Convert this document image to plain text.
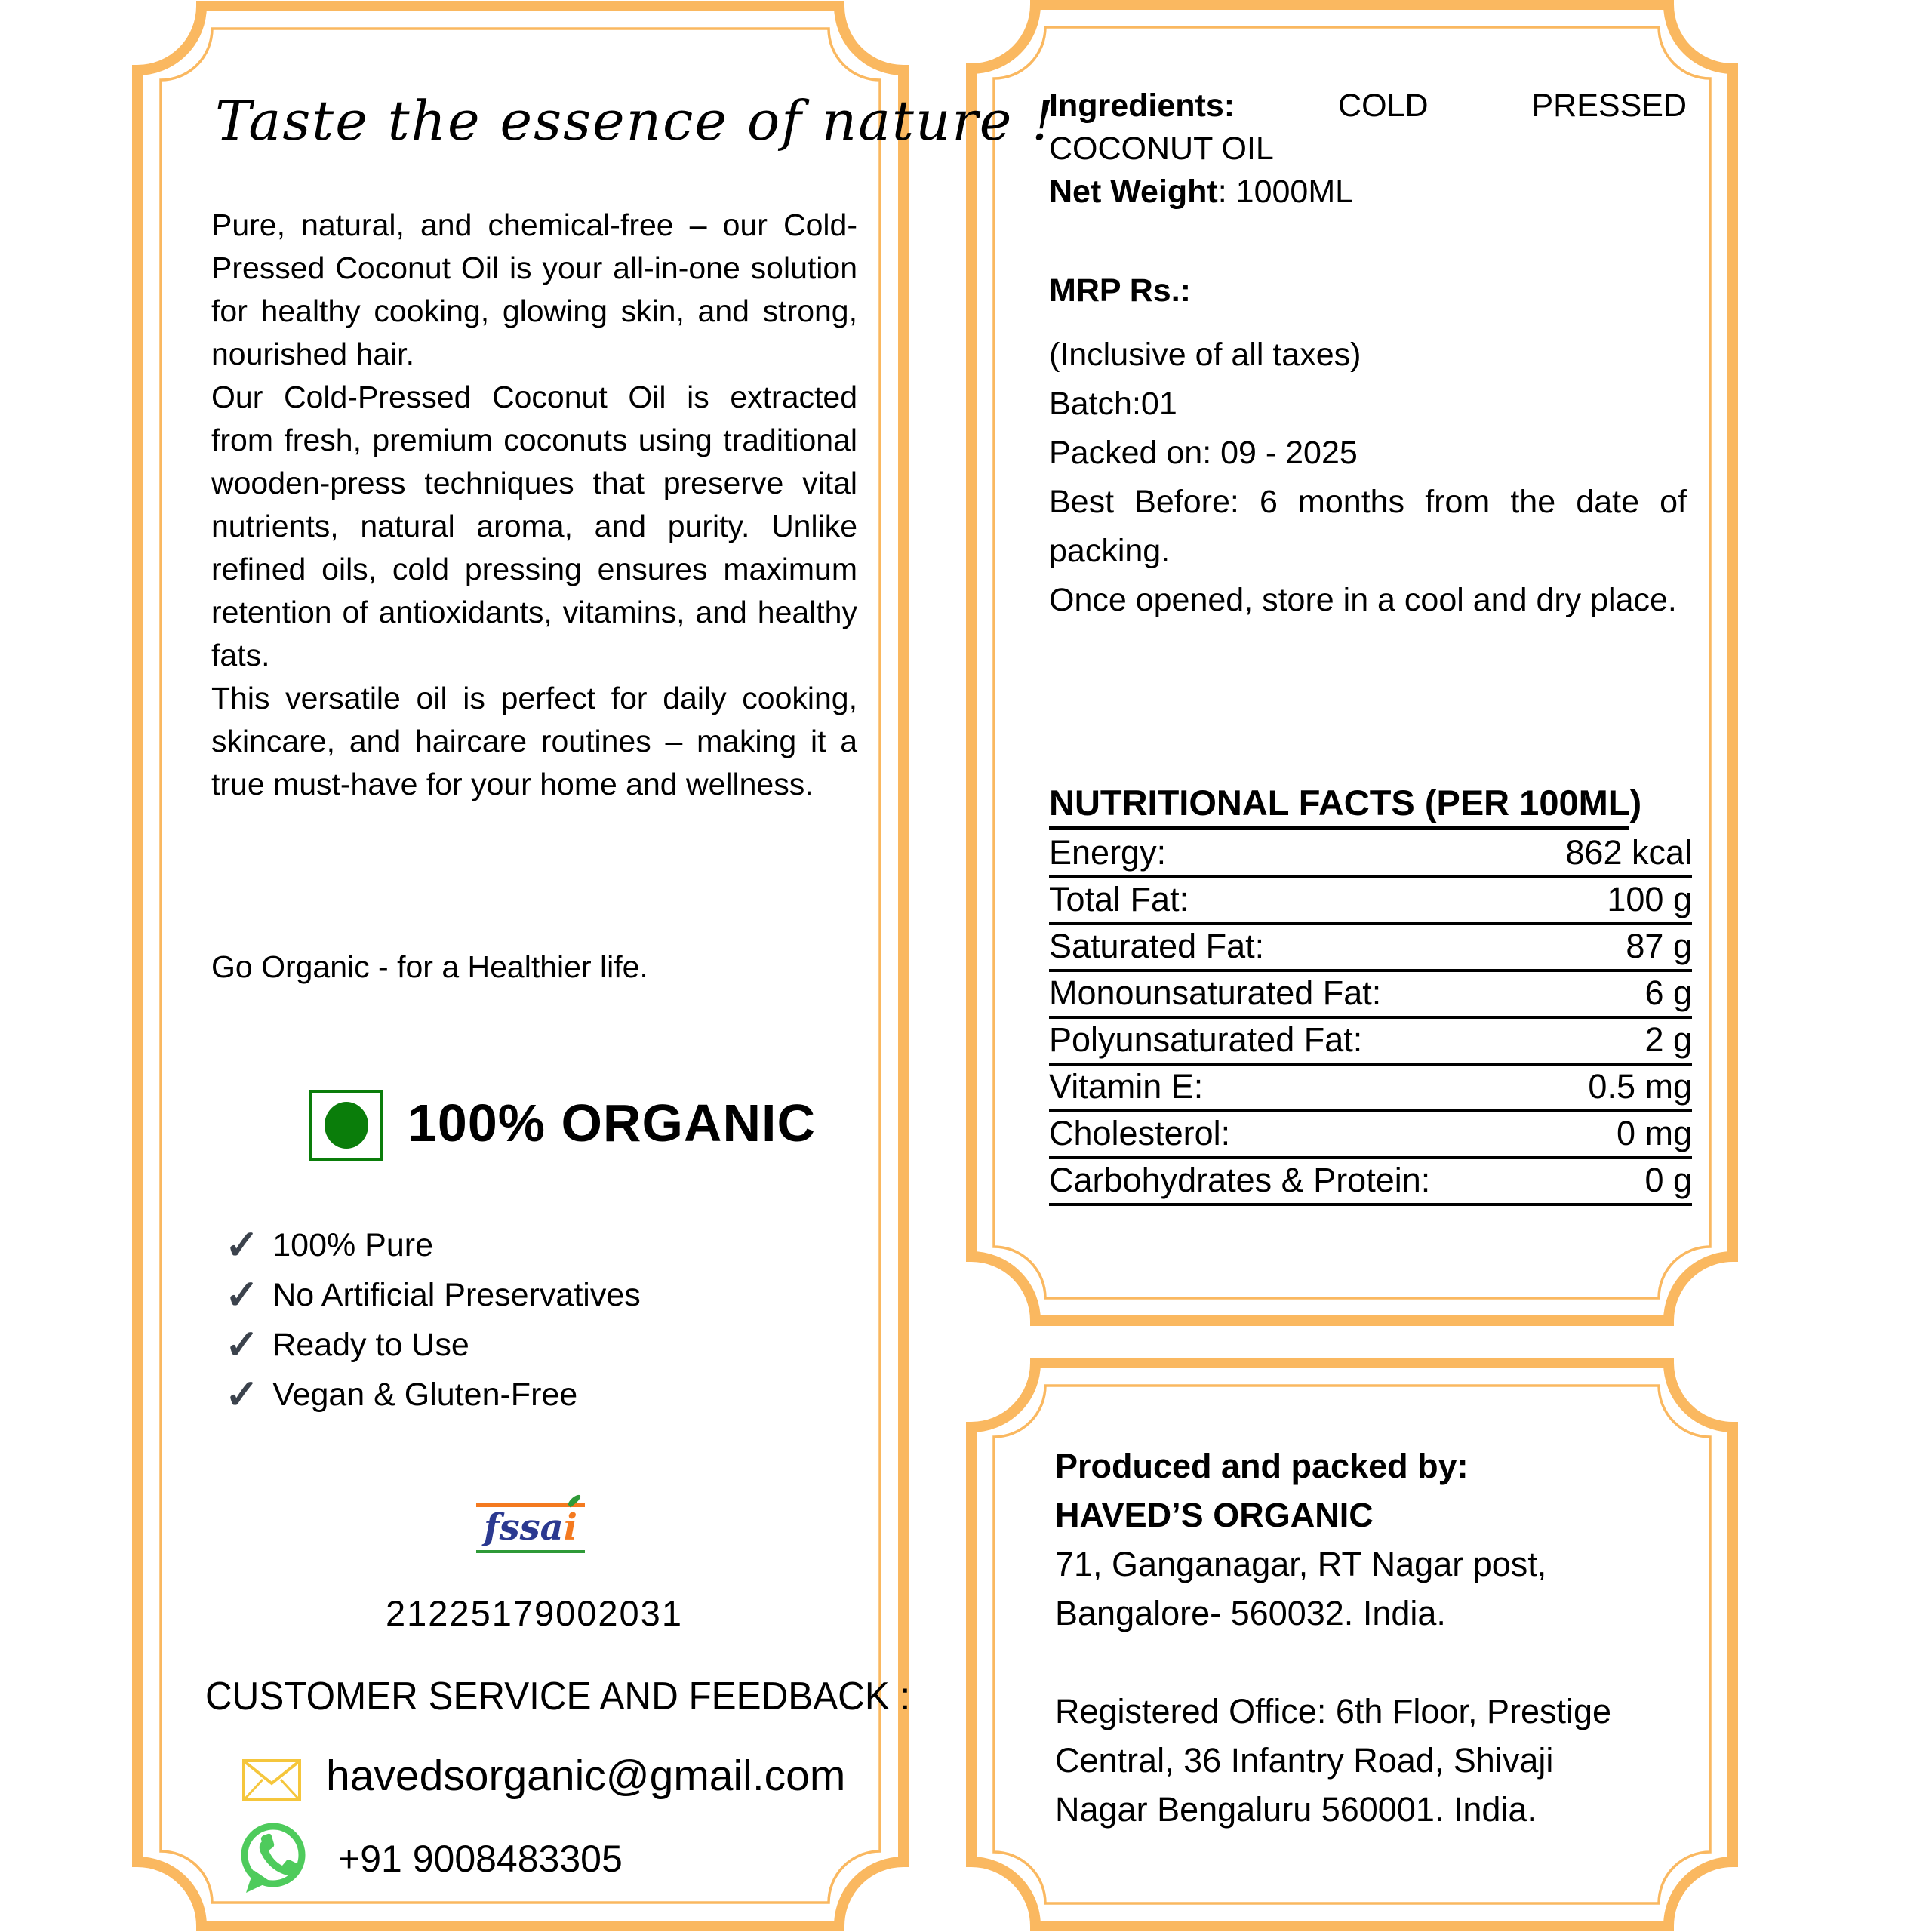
Taste the essence of nature !

Pure, natural, and chemical-free – our Cold-Pressed Coconut Oil is your all-in-one solution for healthy cooking, glowing skin, and strong, nourished hair.

Our Cold-Pressed Coconut Oil is extracted from fresh, premium coconuts using traditional wooden-press techniques that preserve vital nutrients, natural aroma, and purity. Unlike refined oils, cold pressing ensures maximum retention of antioxidants, vitamins, and healthy fats.

This versatile oil is perfect for daily cooking, skincare, and haircare routines – making it a true must-have for your home and wellness.

Go Organic - for a Healthier life.
100% ORGANIC
✓ 100% Pure
✓ No Artificial Preservatives
✓ Ready to Use
✓ Vegan & Gluten-Free
fssai
21225179002031
CUSTOMER SERVICE AND FEEDBACK :
havedsorganic@gmail.com
+91 9008483305
Ingredients:	COLD	PRESSED
COCONUT OIL
Net Weight: 1000ML
MRP Rs.:
(Inclusive of all taxes)
Batch:01
Packed on: 09 - 2025
Best Before: 6 months from the date of packing.
Once opened, store in a cool and dry place.
NUTRITIONAL FACTS (PER 100ML)
Energy:	862 kcal
Total Fat:	100 g
Saturated Fat:	87 g
Monounsaturated Fat:	6 g
Polyunsaturated Fat:	2 g
Vitamin E:	0.5 mg
Cholesterol:	0 mg
Carbohydrates & Protein:	0 g
Produced and packed by:
HAVED’S ORGANIC
71, Ganganagar, RT Nagar post,
Bangalore- 560032. India.
Registered Office: 6th Floor, Prestige
Central, 36 Infantry Road, Shivaji
Nagar Bengaluru 560001. India.
